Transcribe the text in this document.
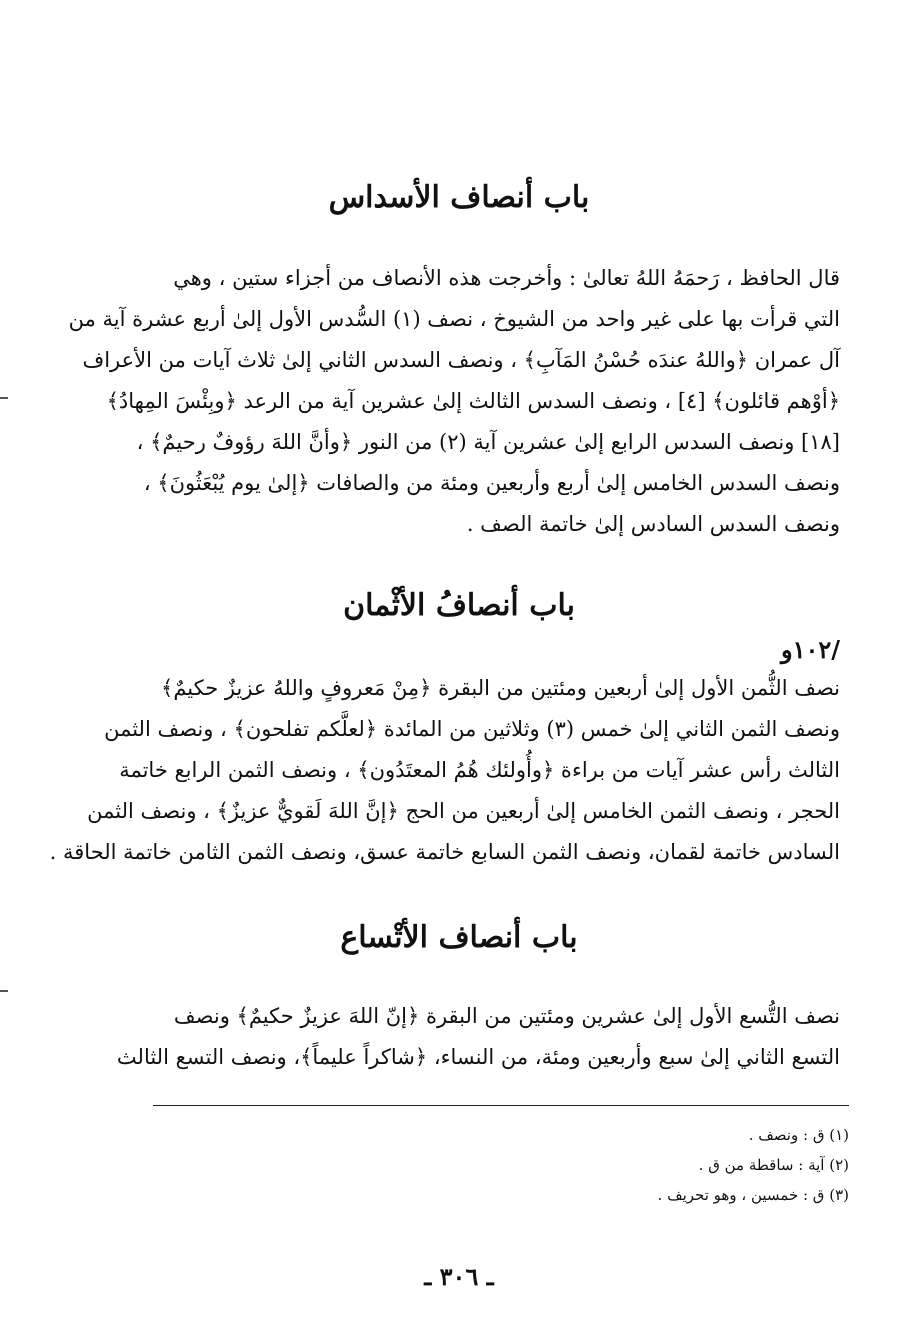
باب أنصاف الأسداس
قال الحافظ ، رَحمَهُ اللهُ تعالىٰ : وأخرجت هذه الأنصاف من أجزاء ستين ، وهي
التي قرأت بها على غير واحد من الشيوخ ، نصف (١) السُّدس الأول إلىٰ أربع عشرة آية من
آل عمران ﴿واللهُ عندَه حُسْنُ المَآبِ﴾ ، ونصف السدس الثاني إلىٰ ثلاث آيات من الأعراف
﴿أوْهم قائلون﴾ [٤] ، ونصف السدس الثالث إلىٰ عشرين آية من الرعد ﴿وبِئْسَ المِهادُ﴾
[١٨] ونصف السدس الرابع إلىٰ عشرين آية (٢) من النور ﴿وأنَّ اللهَ رؤوفٌ رحيمٌ﴾ ،
ونصف السدس الخامس إلىٰ أربع وأربعين ومئة من والصافات ﴿إلىٰ يوم يُبْعَثُونَ﴾ ،
ونصف السدس السادس إلىٰ خاتمة الصف .
باب أنصافُ الأثْمان
/١٠٢و
نصف الثُّمن الأول إلىٰ أربعين ومئتين من البقرة ﴿مِنْ مَعروفٍ واللهُ عزيزٌ حكيمٌ﴾
ونصف الثمن الثاني إلىٰ خمس (٣) وثلاثين من المائدة ﴿لعلَّكم تفلحون﴾ ، ونصف الثمن
الثالث رأس عشر آيات من براءة ﴿وأُولئك هُمُ المعتَدُون﴾ ، ونصف الثمن الرابع خاتمة
الحجر ، ونصف الثمن الخامس إلىٰ أربعين من الحج ﴿إنَّ اللهَ لَقويٌّ عزيزٌ﴾ ، ونصف الثمن
السادس خاتمة لقمان، ونصف الثمن السابع خاتمة عسق، ونصف الثمن الثامن خاتمة الحاقة .
باب أنصاف الأتْساع
نصف التُّسع الأول إلىٰ عشرين ومئتين من البقرة ﴿إنّ اللهَ عزيزٌ حكيمٌ﴾ ونصف
التسع الثاني إلىٰ سبع وأربعين ومئة، من النساء، ﴿شاكراً عليماً﴾، ونصف التسع الثالث
(١) ق : ونصف .
(٢) آية : ساقطة من ق .
(٣) ق : خمسين ، وهو تحريف .
ـ ٣٠٦ ـ
